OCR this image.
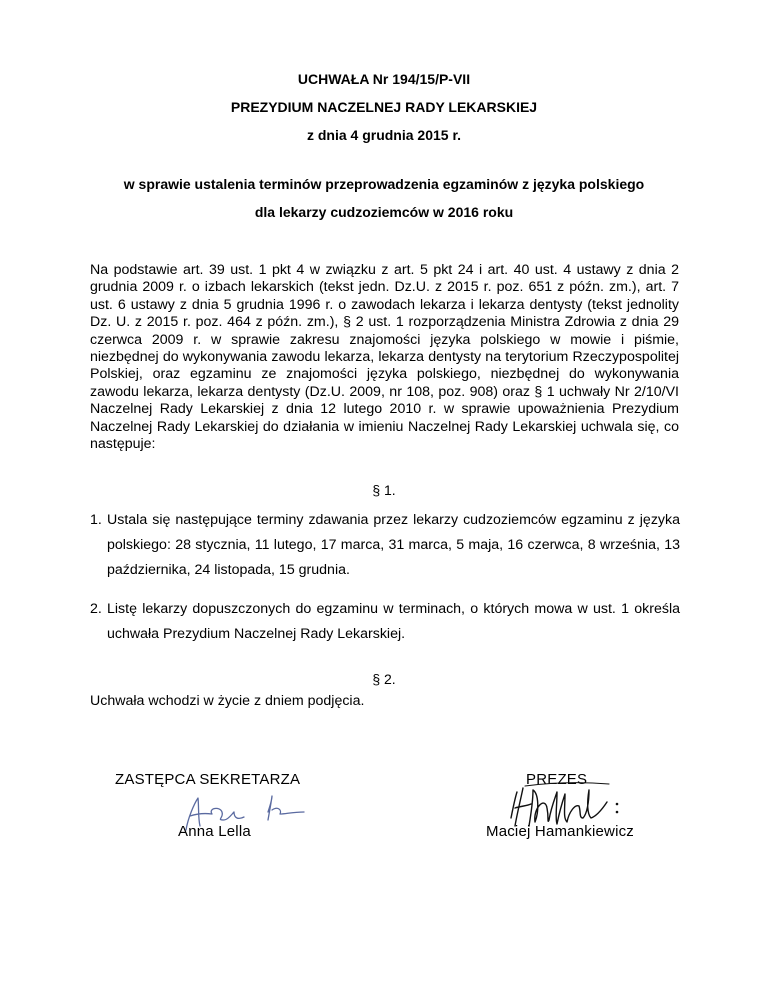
UCHWAŁA Nr 194/15/P-VII
PREZYDIUM NACZELNEJ RADY LEKARSKIEJ
z dnia 4 grudnia 2015 r.
w sprawie ustalenia terminów przeprowadzenia egzaminów z języka polskiego
dla lekarzy cudzoziemców w 2016 roku
Na podstawie art. 39 ust. 1 pkt 4 w związku z art. 5 pkt 24 i art. 40 ust. 4 ustawy z dnia 2 grudnia 2009 r. o izbach lekarskich (tekst jedn. Dz.U. z 2015 r. poz. 651 z późn. zm.), art. 7 ust. 6 ustawy z dnia 5 grudnia 1996 r. o zawodach lekarza i lekarza dentysty (tekst jednolity Dz. U. z 2015 r. poz. 464 z późn. zm.), § 2 ust. 1 rozporządzenia Ministra Zdrowia z dnia 29 czerwca 2009 r. w sprawie zakresu znajomości języka polskiego w mowie i piśmie, niezbędnej do wykonywania zawodu lekarza, lekarza dentysty na terytorium Rzeczypospolitej Polskiej, oraz egzaminu ze znajomości języka polskiego, niezbędnej do wykonywania zawodu lekarza, lekarza dentysty (Dz.U. 2009, nr 108, poz. 908) oraz § 1 uchwały Nr 2/10/VI Naczelnej Rady Lekarskiej z dnia 12 lutego 2010 r. w sprawie upoważnienia Prezydium Naczelnej Rady Lekarskiej do działania w imieniu Naczelnej Rady Lekarskiej uchwala się, co następuje:
§ 1.
1. Ustala się następujące terminy zdawania przez lekarzy cudzoziemców egzaminu z języka polskiego: 28 stycznia, 11 lutego, 17 marca, 31 marca, 5 maja, 16 czerwca, 8 września, 13 października, 24 listopada, 15 grudnia.
2. Listę lekarzy dopuszczonych do egzaminu w terminach, o których mowa w ust. 1 określa uchwała Prezydium Naczelnej Rady Lekarskiej.
§ 2.
Uchwała wchodzi w życie z dniem podjęcia.
ZASTĘPCA SEKRETARZA
Anna Lella
PREZES
Maciej Hamankiewicz
